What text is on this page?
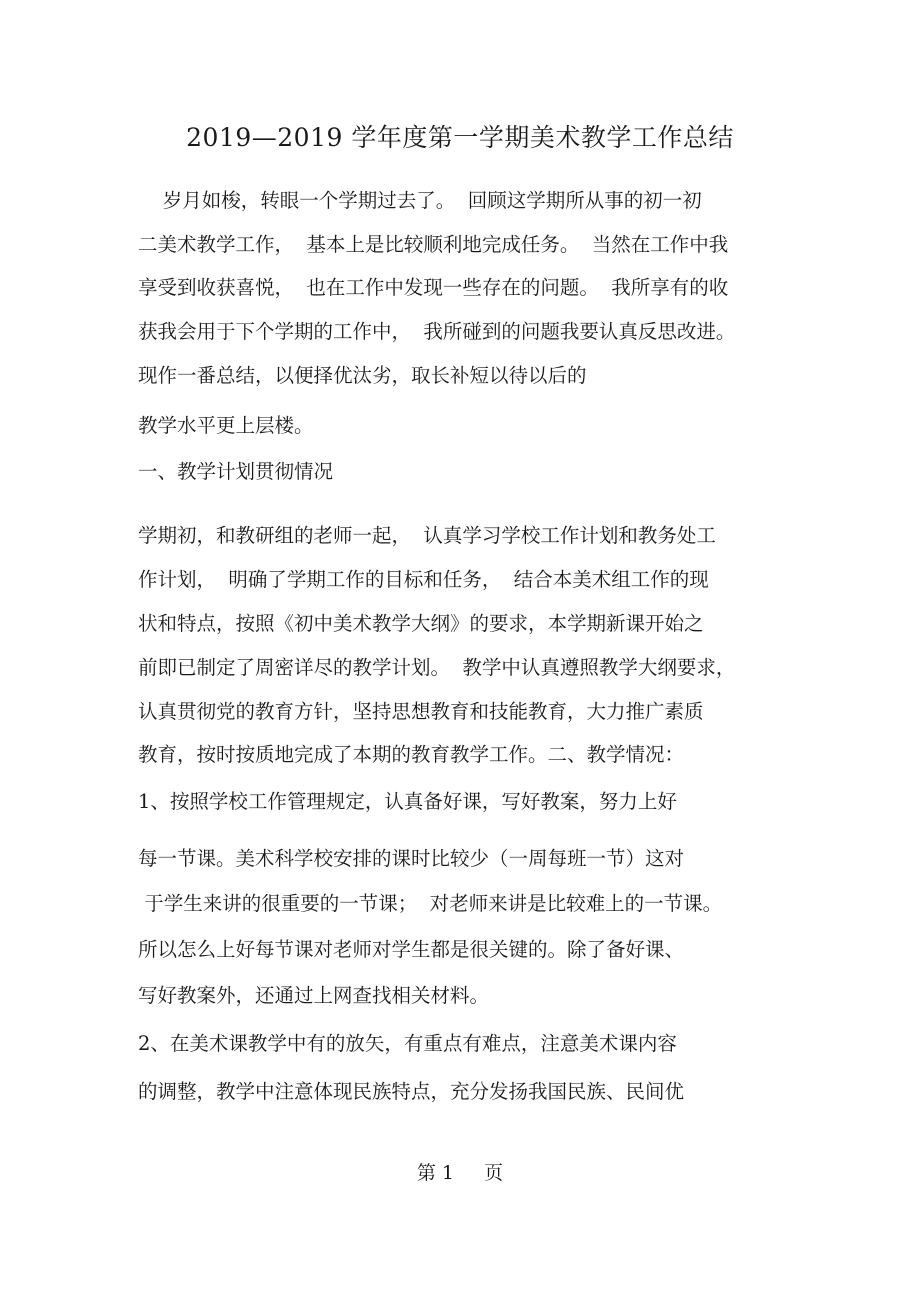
2019—2019 学年度第一学期美术教学工作总结
岁月如梭，转眼一个学期过去了。  回顾这学期所从事的初一初
二美术教学工作，  基本上是比较顺利地完成任务。  当然在工作中我
享受到收获喜悦，  也在工作中发现一些存在的问题。  我所享有的收
获我会用于下个学期的工作中，  我所碰到的问题我要认真反思改进。
现作一番总结，以便择优汰劣，取长补短以待以后的
教学水平更上层楼。
一、教学计划贯彻情况
学期初，和教研组的老师一起，  认真学习学校工作计划和教务处工
作计划，  明确了学期工作的目标和任务，  结合本美术组工作的现
状和特点，按照《初中美术教学大纲》的要求，本学期新课开始之
前即已制定了周密详尽的教学计划。  教学中认真遵照教学大纲要求，
认真贯彻党的教育方针，坚持思想教育和技能教育，大力推广素质
教育，按时按质地完成了本期的教育教学工作。二、教学情况：
1、按照学校工作管理规定，认真备好课，写好教案，努力上好
每一节课。美术科学校安排的课时比较少（一周每班一节）这对
于学生来讲的很重要的一节课；  对老师来讲是比较难上的一节课。
所以怎么上好每节课对老师对学生都是很关键的。除了备好课、
写好教案外，还通过上网查找相关材料。
2、在美术课教学中有的放矢，有重点有难点，注意美术课内容
的调整，教学中注意体现民族特点，充分发扬我国民族、民间优
第 1     页
